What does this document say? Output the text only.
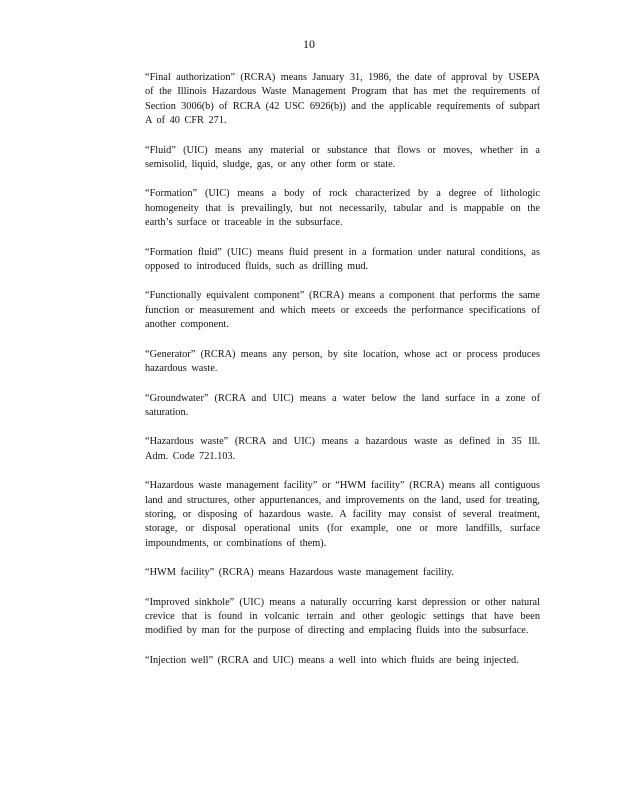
10

“Final authorization” (RCRA) means January 31, 1986, the date of approval by USEPA of the Illinois Hazardous Waste Management Program that has met the requirements of Section 3006(b) of RCRA (42 USC 6926(b)) and the applicable requirements of subpart A of 40 CFR 271.

“Fluid” (UIC) means any material or substance that flows or moves, whether in a semisolid, liquid, sludge, gas, or any other form or state.

“Formation” (UIC) means a body of rock characterized by a degree of lithologic homogeneity that is prevailingly, but not necessarily, tabular and is mappable on the earth’s surface or traceable in the subsurface.

“Formation fluid” (UIC) means fluid present in a formation under natural conditions, as opposed to introduced fluids, such as drilling mud.

“Functionally equivalent component” (RCRA) means a component that performs the same function or measurement and which meets or exceeds the performance specifications of another component.

“Generator” (RCRA) means any person, by site location, whose act or process produces hazardous waste.

“Groundwater” (RCRA and UIC) means a water below the land surface in a zone of saturation.

“Hazardous waste” (RCRA and UIC) means a hazardous waste as defined in 35 Ill. Adm. Code 721.103.

“Hazardous waste management facility” or “HWM facility” (RCRA) means all contiguous land and structures, other appurtenances, and improvements on the land, used for treating, storing, or disposing of hazardous waste. A facility may consist of several treatment, storage, or disposal operational units (for example, one or more landfills, surface impoundments, or combinations of them).

“HWM facility” (RCRA) means Hazardous waste management facility.

“Improved sinkhole” (UIC) means a naturally occurring karst depression or other natural crevice that is found in volcanic terrain and other geologic settings that have been modified by man for the purpose of directing and emplacing fluids into the subsurface.

“Injection well” (RCRA and UIC) means a well into which fluids are being injected.
